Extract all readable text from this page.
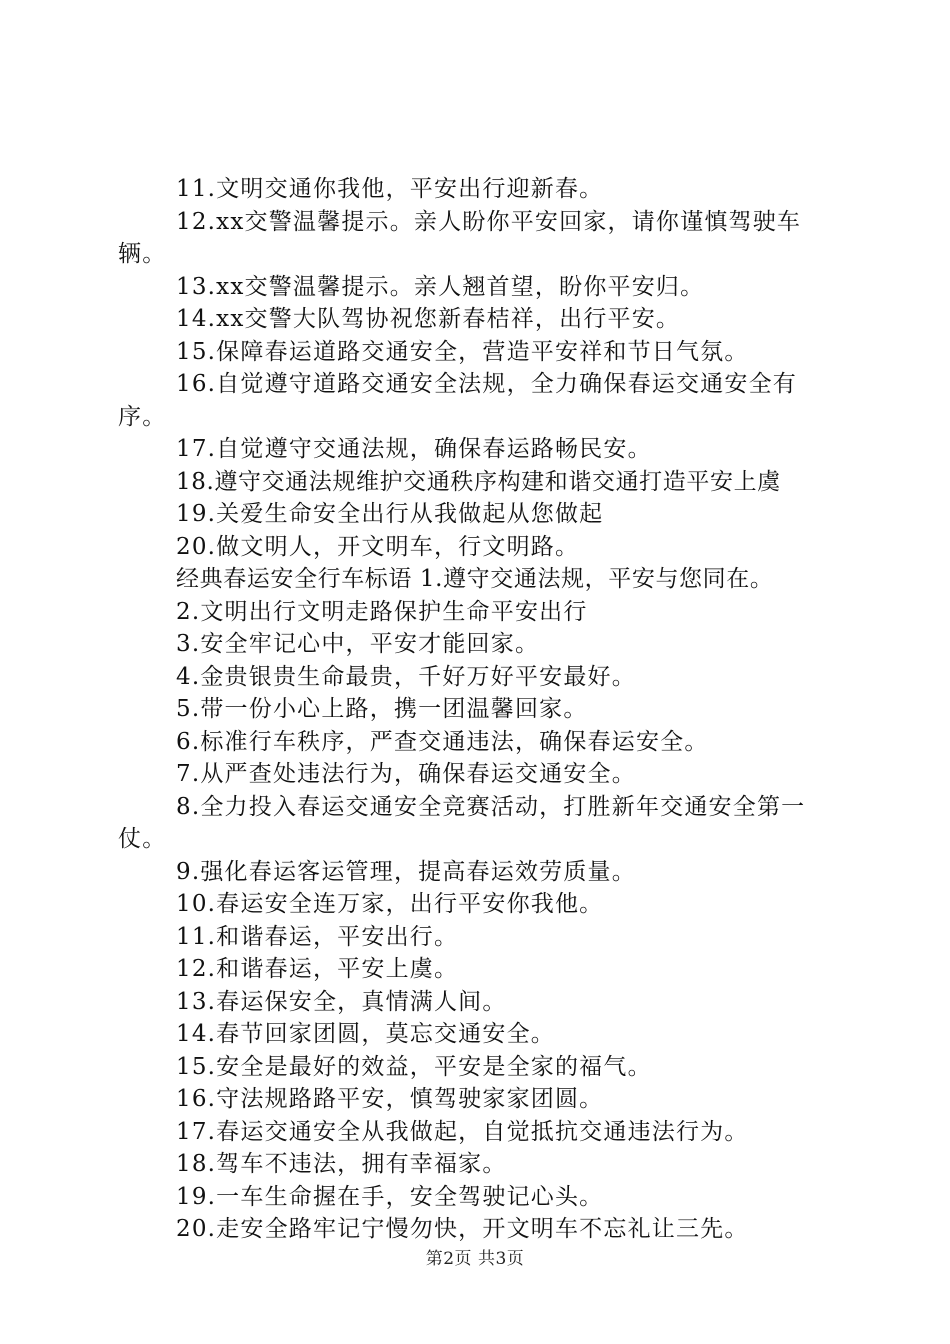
11.文明交通你我他，平安出行迎新春。

12.xx交警温馨提示。亲人盼你平安回家，请你谨慎驾驶车辆。

13.xx交警温馨提示。亲人翘首望，盼你平安归。

14.xx交警大队驾协祝您新春桔祥，出行平安。

15.保障春运道路交通安全，营造平安祥和节日气氛。

16.自觉遵守道路交通安全法规，全力确保春运交通安全有序。

17.自觉遵守交通法规，确保春运路畅民安。

18.遵守交通法规维护交通秩序构建和谐交通打造平安上虞

19.关爱生命安全出行从我做起从您做起

20.做文明人，开文明车，行文明路。

经典春运安全行车标语 1.遵守交通法规，平安与您同在。

2.文明出行文明走路保护生命平安出行

3.安全牢记心中，平安才能回家。

4.金贵银贵生命最贵，千好万好平安最好。

5.带一份小心上路，携一团温馨回家。

6.标准行车秩序，严查交通违法，确保春运安全。

7.从严查处违法行为，确保春运交通安全。

8.全力投入春运交通安全竞赛活动，打胜新年交通安全第一仗。

9.强化春运客运管理，提高春运效劳质量。

10.春运安全连万家，出行平安你我他。

11.和谐春运，平安出行。

12.和谐春运，平安上虞。

13.春运保安全，真情满人间。

14.春节回家团圆，莫忘交通安全。

15.安全是最好的效益，平安是全家的福气。

16.守法规路路平安，慎驾驶家家团圆。

17.春运交通安全从我做起，自觉抵抗交通违法行为。

18.驾车不违法，拥有幸福家。

19.一车生命握在手，安全驾驶记心头。

20.走安全路牢记宁慢勿快，开文明车不忘礼让三先。

第2页 共3页
